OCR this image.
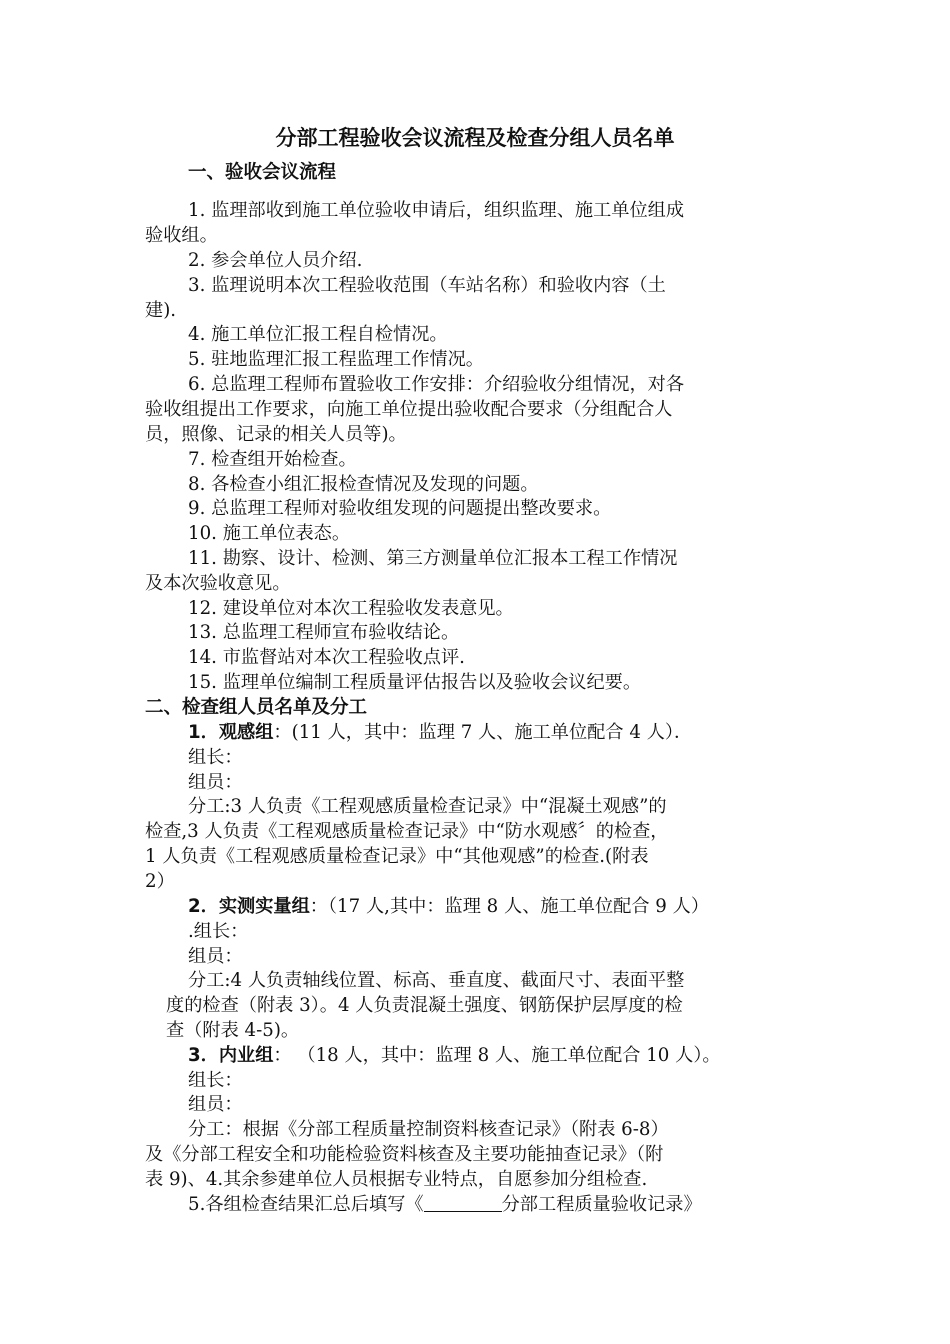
分部工程验收会议流程及检查分组人员名单
一、验收会议流程
1. 监理部收到施工单位验收申请后，组织监理、施工单位组成
验收组。
2. 参会单位人员介绍.
3. 监理说明本次工程验收范围（车站名称）和验收内容（土
建).
4. 施工单位汇报工程自检情况。
5. 驻地监理汇报工程监理工作情况。
6. 总监理工程师布置验收工作安排：介绍验收分组情况，对各
验收组提出工作要求，向施工单位提出验收配合要求（分组配合人
员，照像、记录的相关人员等)。
7. 检查组开始检查。
8. 各检查小组汇报检查情况及发现的问题。
9. 总监理工程师对验收组发现的问题提出整改要求。
10. 施工单位表态。
11. 勘察、设计、检测、第三方测量单位汇报本工程工作情况
及本次验收意见。
12. 建设单位对本次工程验收发表意见。
13. 总监理工程师宣布验收结论。
14. 市监督站对本次工程验收点评.
15. 监理单位编制工程质量评估报告以及验收会议纪要。
二、检查组人员名单及分工
1．观感组：(11 人，其中：监理 7 人、施工单位配合 4 人）．
组长：
组员：
分工:3 人负责《工程观感质量检查记录》中“混凝土观感”的
检查,3 人负责《工程观感质量检查记录》中“防水观感〞的检查，
1 人负责《工程观感质量检查记录》中“其他观感”的检查.(附表
2）
2．实测实量组：（17 人,其中：监理 8 人、施工单位配合 9 人）
.组长：
组员：
分工:4 人负责轴线位置、标高、垂直度、截面尺寸、表面平整
度的检查（附表 3）。4 人负责混凝土强度、钢筋保护层厚度的检
查（附表 4-5)。
3．内业组： （18 人，其中：监理 8 人、施工单位配合 10 人）。
组长：
组员：
分工：根据《分部工程质量控制资料核查记录》（附表 6-8）
及《分部工程安全和功能检验资料核查及主要功能抽查记录》（附
表 9)、4.其余参建单位人员根据专业特点，自愿参加分组检查.
5.各组检查结果汇总后填写《	分部工程质量验收记录》
